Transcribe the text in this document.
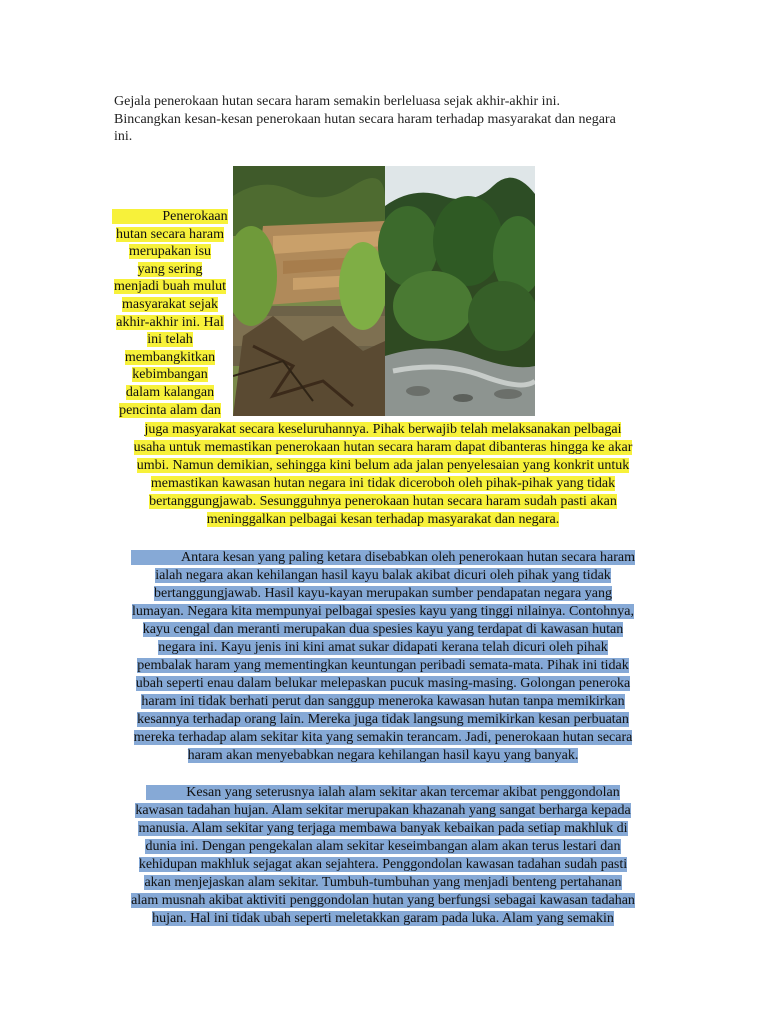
Gejala penerokaan hutan secara haram semakin berleluasa sejak akhir-akhir ini.
Bincangkan kesan-kesan penerokaan hutan secara haram terhadap masyarakat dan negara
ini.
Penerokaan
hutan secara haram
merupakan isu
yang sering
menjadi buah mulut
masyarakat sejak
akhir-akhir ini. Hal
ini telah
membangkitkan
kebimbangan
dalam kalangan
pencinta alam dan
juga masyarakat secara keseluruhannya. Pihak berwajib telah melaksanakan pelbagai
usaha untuk memastikan penerokaan hutan secara haram dapat dibanteras hingga ke akar
umbi. Namun demikian, sehingga kini belum ada jalan penyelesaian yang konkrit untuk
memastikan kawasan hutan negara ini tidak diceroboh oleh pihak-pihak yang tidak
bertanggungjawab. Sesungguhnya penerokaan hutan secara haram sudah pasti akan
meninggalkan pelbagai kesan terhadap masyarakat dan negara.
Antara kesan yang paling ketara disebabkan oleh penerokaan hutan secara haram
ialah negara akan kehilangan hasil kayu balak akibat dicuri oleh pihak yang tidak
bertanggungjawab. Hasil kayu-kayan merupakan sumber pendapatan negara yang
lumayan. Negara kita mempunyai pelbagai spesies kayu yang tinggi nilainya. Contohnya,
kayu cengal dan meranti merupakan dua spesies kayu yang terdapat di kawasan hutan
negara ini. Kayu jenis ini kini amat sukar didapati kerana telah dicuri oleh pihak
pembalak haram yang mementingkan keuntungan peribadi semata-mata. Pihak ini tidak
ubah seperti enau dalam belukar melepaskan pucuk masing-masing. Golongan peneroka
haram ini tidak berhati perut dan sanggup meneroka kawasan hutan tanpa memikirkan
kesannya terhadap orang lain. Mereka juga tidak langsung memikirkan kesan perbuatan
mereka terhadap alam sekitar kita yang semakin terancam. Jadi, penerokaan hutan secara
haram akan menyebabkan negara kehilangan hasil kayu yang banyak.
Kesan yang seterusnya ialah alam sekitar akan tercemar akibat penggondolan
kawasan tadahan hujan. Alam sekitar merupakan khazanah yang sangat berharga kepada
manusia. Alam sekitar yang terjaga membawa banyak kebaikan pada setiap makhluk di
dunia ini. Dengan pengekalan alam sekitar keseimbangan alam akan terus lestari dan
kehidupan makhluk sejagat akan sejahtera. Penggondolan kawasan tadahan sudah pasti
akan menjejaskan alam sekitar. Tumbuh-tumbuhan yang menjadi benteng pertahanan
alam musnah akibat aktiviti penggondolan hutan yang berfungsi sebagai kawasan tadahan
hujan. Hal ini tidak ubah seperti meletakkan garam pada luka. Alam yang semakin
